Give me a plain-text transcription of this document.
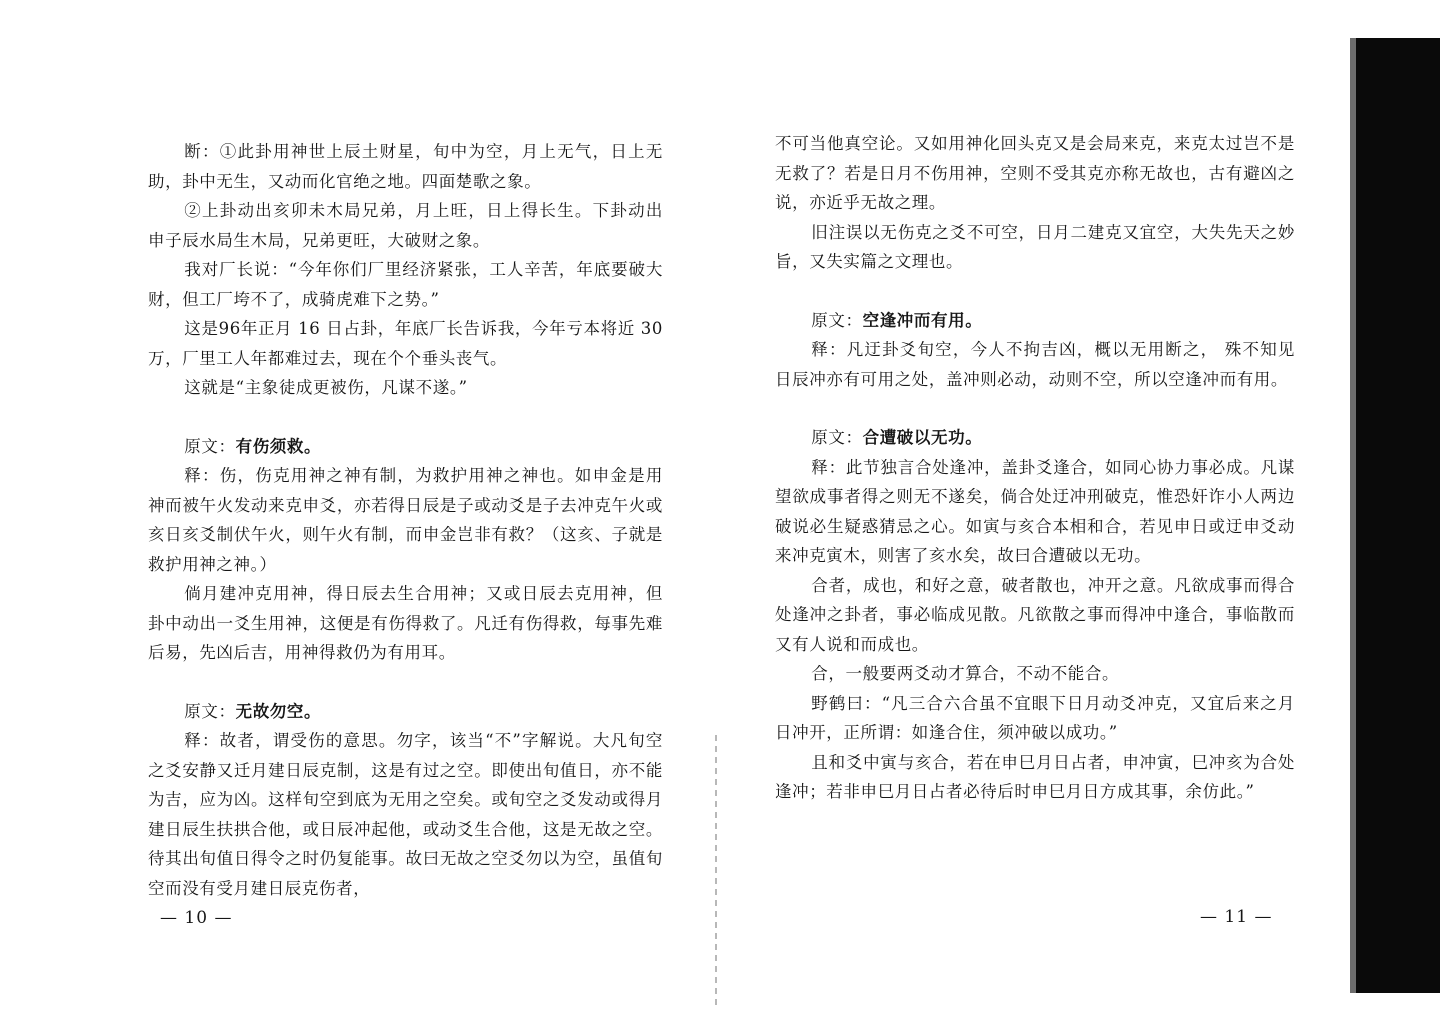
断：①此卦用神世上辰土财星，旬中为空，月上无气，日上无助，卦中无生，又动而化官绝之地。四面楚歌之象。

②上卦动出亥卯未木局兄弟，月上旺，日上得长生。下卦动出申子辰水局生木局，兄弟更旺，大破财之象。

我对厂长说：“今年你们厂里经济紧张，工人辛苦，年底要破大财，但工厂垮不了，成骑虎难下之势。”

这是96年正月 16 日占卦，年底厂长告诉我，今年亏本将近 30 万，厂里工人年都难过去，现在个个垂头丧气。

这就是“主象徒成更被伤，凡谋不遂。”

原文：有伤须救。

释：伤，伤克用神之神有制，为救护用神之神也。如申金是用神而被午火发动来克申爻，亦若得日辰是子或动爻是子去冲克午火或亥日亥爻制伏午火，则午火有制，而申金岂非有救？（这亥、子就是救护用神之神。）

倘月建冲克用神，得日辰去生合用神；又或日辰去克用神，但卦中动出一爻生用神，这便是有伤得救了。凡迁有伤得救，每事先难后易，先凶后吉，用神得救仍为有用耳。

原文：无故勿空。

释：故者，谓受伤的意思。勿字，该当“不”字解说。大凡旬空之爻安静又迁月建日辰克制，这是有过之空。即使出旬值日，亦不能为吉，应为凶。这样旬空到底为无用之空矣。或旬空之爻发动或得月建日辰生扶拱合他，或日辰冲起他，或动爻生合他，这是无故之空。待其出旬值日得令之时仍复能事。故曰无故之空爻勿以为空，虽值旬空而没有受月建日辰克伤者，

— 10 —

不可当他真空论。又如用神化回头克又是会局来克，来克太过岂不是无救了？若是日月不伤用神，空则不受其克亦称无故也，古有避凶之说，亦近乎无故之理。

旧注误以无伤克之爻不可空，日月二建克又宜空，大失先天之妙旨，又失实篇之文理也。

原文：空逢冲而有用。

释：凡迂卦爻旬空，今人不拘吉凶，概以无用断之， 殊不知见日辰冲亦有可用之处，盖冲则必动，动则不空，所以空逢冲而有用。

原文：合遭破以无功。

释：此节独言合处逢冲，盖卦爻逢合，如同心协力事必成。凡谋望欲成事者得之则无不遂矣，倘合处迂冲刑破克，惟恐奸诈小人两边破说必生疑惑猜忌之心。如寅与亥合本相和合，若见申日或迂申爻动来冲克寅木，则害了亥水矣，故曰合遭破以无功。

合者，成也，和好之意，破者散也，冲开之意。凡欲成事而得合处逢冲之卦者，事必临成见散。凡欲散之事而得冲中逢合，事临散而又有人说和而成也。

合，一般要两爻动才算合，不动不能合。

野鹤曰：“凡三合六合虽不宜眼下日月动爻冲克，又宜后来之月日冲开，正所谓：如逢合住，须冲破以成功。”

且和爻中寅与亥合，若在申巳月日占者，申冲寅，巳冲亥为合处逢冲；若非申巳月日占者必待后时申巳月日方成其事，余仿此。”

— 11 —
